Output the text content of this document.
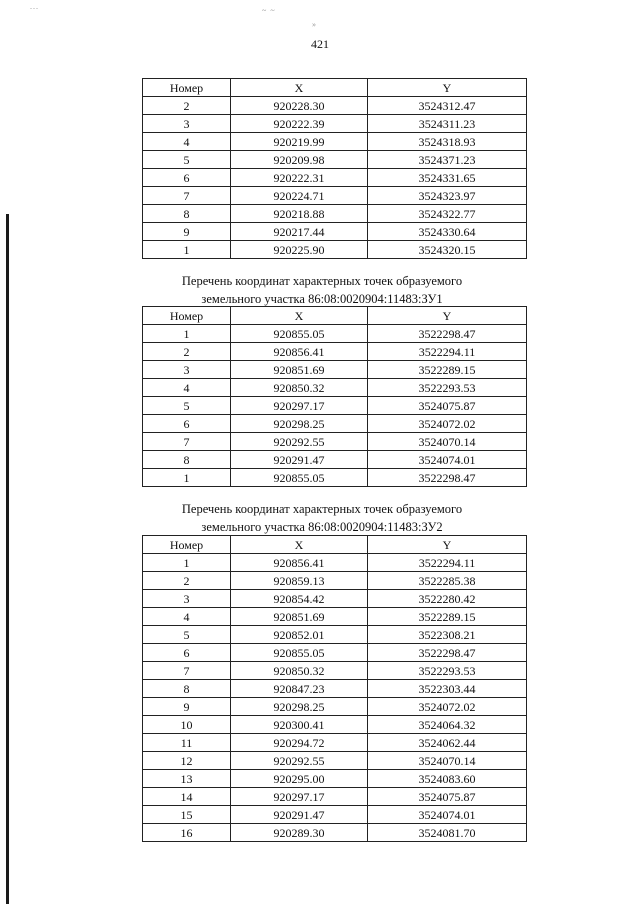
...	~ ~
»
421
Номер	X	Y
2	920228.30	3524312.47
3	920222.39	3524311.23
4	920219.99	3524318.93
5	920209.98	3524371.23
6	920222.31	3524331.65
7	920224.71	3524323.97
8	920218.88	3524322.77
9	920217.44	3524330.64
1	920225.90	3524320.15
Перечень координат характерных точек образуемого
земельного участка 86:08:0020904:11483:ЗУ1
Номер	X	Y
1	920855.05	3522298.47
2	920856.41	3522294.11
3	920851.69	3522289.15
4	920850.32	3522293.53
5	920297.17	3524075.87
6	920298.25	3524072.02
7	920292.55	3524070.14
8	920291.47	3524074.01
1	920855.05	3522298.47
Перечень координат характерных точек образуемого
земельного участка 86:08:0020904:11483:ЗУ2
Номер	X	Y
1	920856.41	3522294.11
2	920859.13	3522285.38
3	920854.42	3522280.42
4	920851.69	3522289.15
5	920852.01	3522308.21
6	920855.05	3522298.47
7	920850.32	3522293.53
8	920847.23	3522303.44
9	920298.25	3524072.02
10	920300.41	3524064.32
11	920294.72	3524062.44
12	920292.55	3524070.14
13	920295.00	3524083.60
14	920297.17	3524075.87
15	920291.47	3524074.01
16	920289.30	3524081.70
